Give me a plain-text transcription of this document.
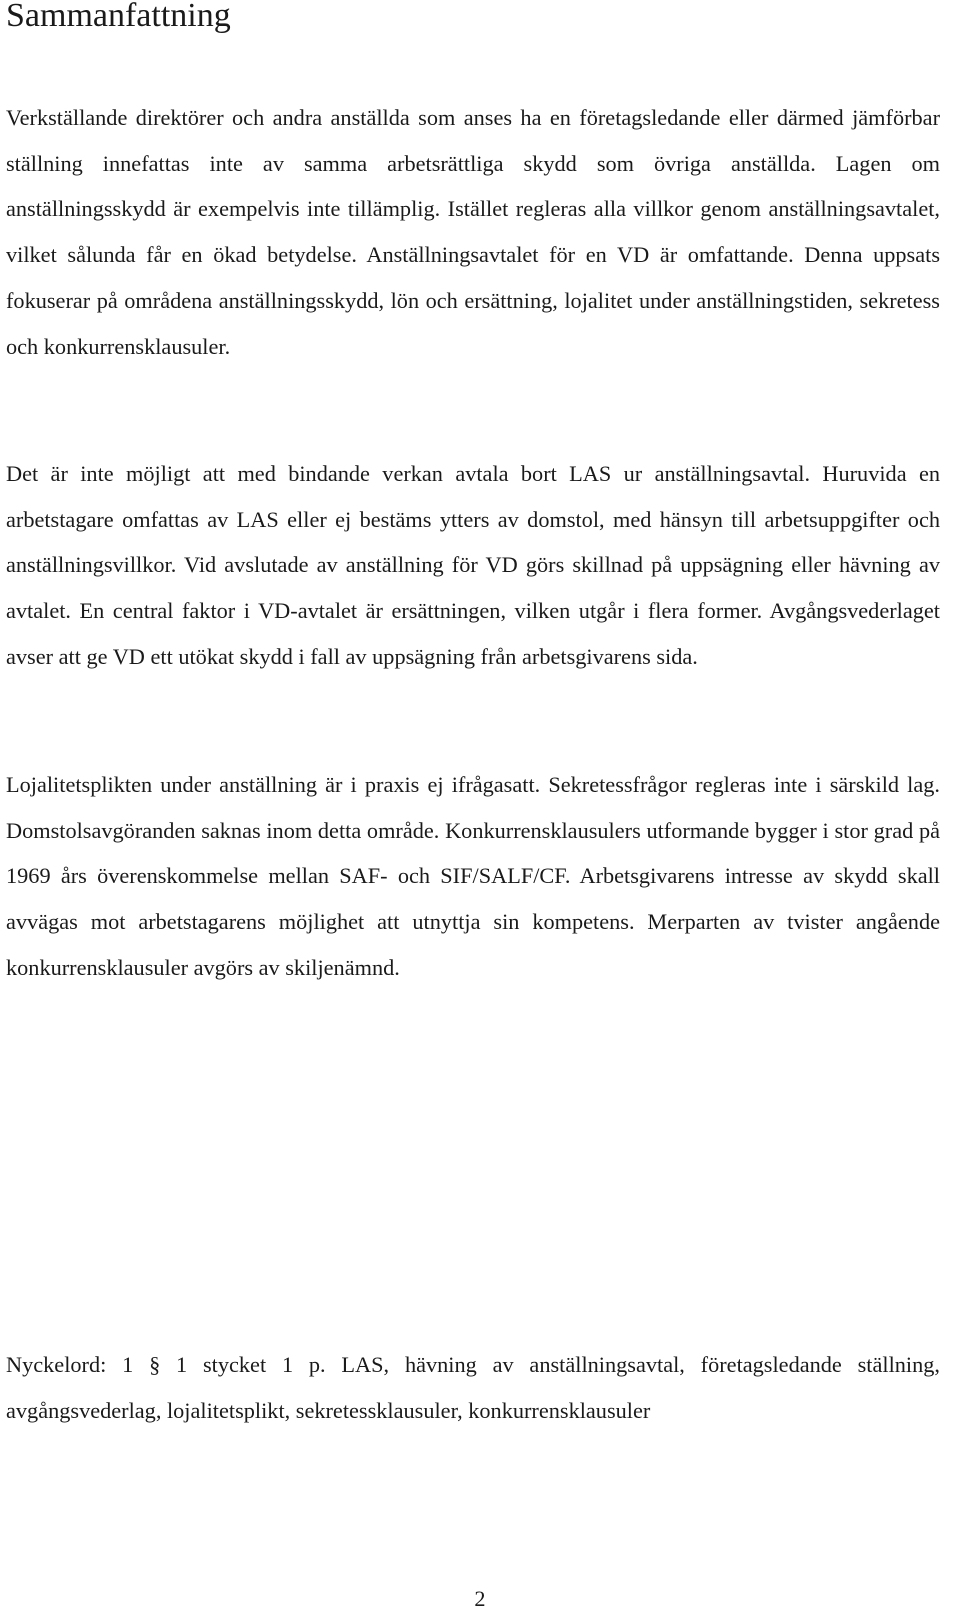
Sammanfattning

Verkställande direktörer och andra anställda som anses ha en företagsledande eller därmed jämförbar ställning innefattas inte av samma arbetsrättliga skydd som övriga anställda. Lagen om anställningsskydd är exempelvis inte tillämplig. Istället regleras alla villkor genom anställningsavtalet, vilket sålunda får en ökad betydelse. Anställningsavtalet för en VD är omfattande. Denna uppsats fokuserar på områdena anställningsskydd, lön och ersättning, lojalitet under anställningstiden, sekretess och konkurrensklausuler.

Det är inte möjligt att med bindande verkan avtala bort LAS ur anställningsavtal. Huruvida en arbetstagare omfattas av LAS eller ej bestäms ytters av domstol, med hänsyn till arbetsuppgifter och anställningsvillkor. Vid avslutade av anställning för VD görs skillnad på uppsägning eller hävning av avtalet. En central faktor i VD-avtalet är ersättningen, vilken utgår i flera former. Avgångsvederlaget avser att ge VD ett utökat skydd i fall av uppsägning från arbetsgivarens sida.

Lojalitetsplikten under anställning är i praxis ej ifrågasatt. Sekretessfrågor regleras inte i särskild lag. Domstolsavgöranden saknas inom detta område. Konkurrensklausulers utformande bygger i stor grad på 1969 års överenskommelse mellan SAF- och SIF/SALF/CF. Arbetsgivarens intresse av skydd skall avvägas mot arbetstagarens möjlighet att utnyttja sin kompetens. Merparten av tvister angående konkurrensklausuler avgörs av skiljenämnd.

Nyckelord: 1 § 1 stycket 1 p. LAS, hävning av anställningsavtal, företagsledande ställning, avgångsvederlag, lojalitetsplikt, sekretessklausuler, konkurrensklausuler

2
